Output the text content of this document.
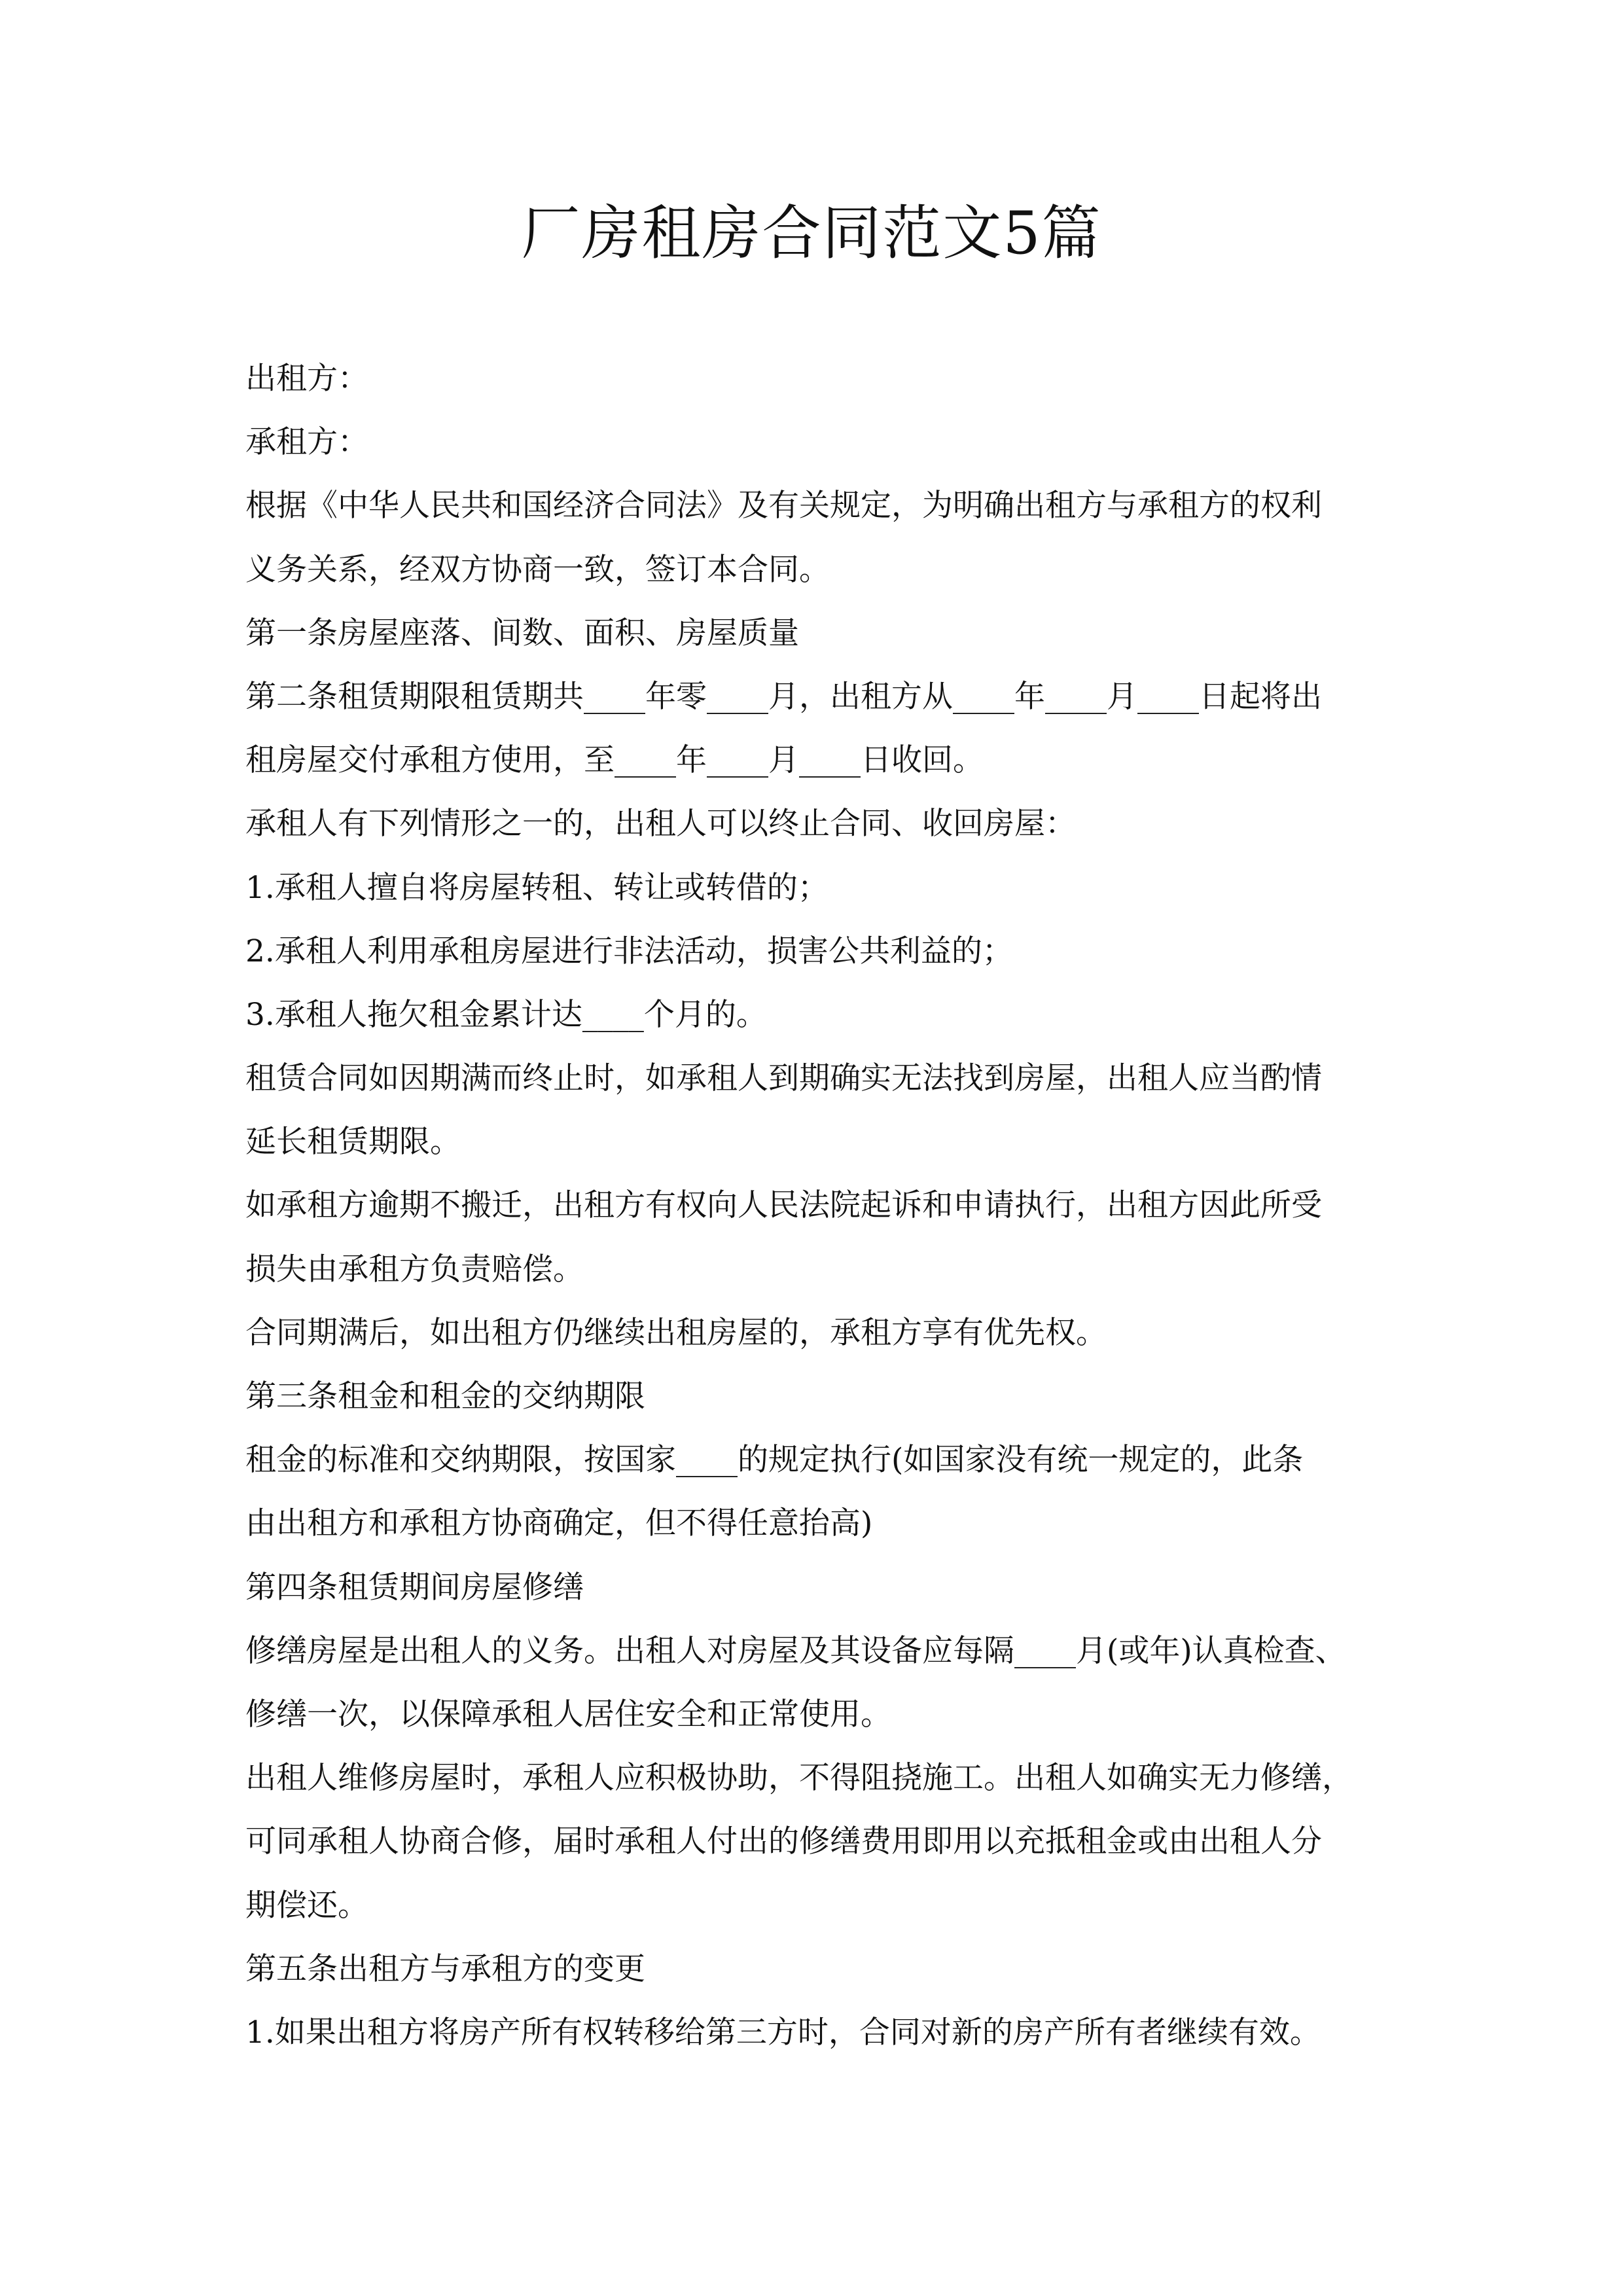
厂房租房合同范文5篇
出租方：
承租方：
根据《中华人民共和国经济合同法》及有关规定，为明确出租方与承租方的权利
义务关系，经双方协商一致，签订本合同。
第一条房屋座落、间数、面积、房屋质量
第二条租赁期限租赁期共____年零____月，出租方从____年____月____日起将出
租房屋交付承租方使用，至____年____月____日收回。
承租人有下列情形之一的，出租人可以终止合同、收回房屋：
1.承租人擅自将房屋转租、转让或转借的；
2.承租人利用承租房屋进行非法活动，损害公共利益的；
3.承租人拖欠租金累计达____个月的。
租赁合同如因期满而终止时，如承租人到期确实无法找到房屋，出租人应当酌情
延长租赁期限。
如承租方逾期不搬迁，出租方有权向人民法院起诉和申请执行，出租方因此所受
损失由承租方负责赔偿。
合同期满后，如出租方仍继续出租房屋的，承租方享有优先权。
第三条租金和租金的交纳期限
租金的标准和交纳期限，按国家____的规定执行(如国家没有统一规定的，此条
由出租方和承租方协商确定，但不得任意抬高)
第四条租赁期间房屋修缮
修缮房屋是出租人的义务。出租人对房屋及其设备应每隔____月(或年)认真检查、
修缮一次，以保障承租人居住安全和正常使用。
出租人维修房屋时，承租人应积极协助，不得阻挠施工。出租人如确实无力修缮，
可同承租人协商合修，届时承租人付出的修缮费用即用以充抵租金或由出租人分
期偿还。
第五条出租方与承租方的变更
1.如果出租方将房产所有权转移给第三方时，合同对新的房产所有者继续有效。
